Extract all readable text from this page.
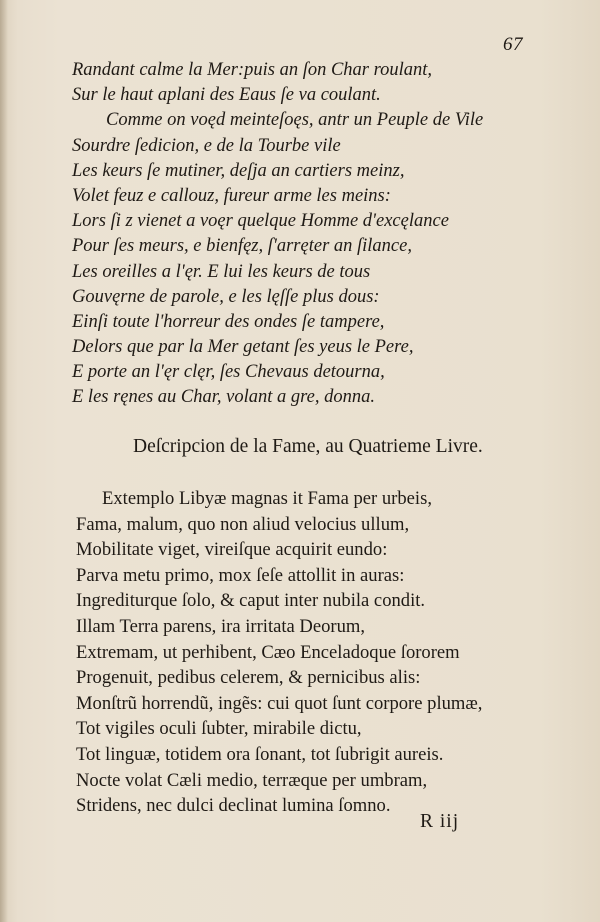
67
Randant calme la Mer:puis an ſon Char roulant,
Sur le haut aplani des Eaus ſe va coulant.
Comme on voęd meinteſoęs, antr un Peuple de Vile
Sourdre ſedicion, e de la Tourbe vile
Les keurs ſe mutiner, deſja an cartiers meinz,
Volet feuz e callouz, fureur arme les meins:
Lors ſi z vienet a voęr quelque Homme d'excęlance
Pour ſes meurs, e bienfęz, ſ'arręter an ſilance,
Les oreilles a l'ęr. E lui les keurs de tous
Gouvęrne de parole, e les lęſſe plus dous:
Einſi toute l'horreur des ondes ſe tampere,
Delors que par la Mer getant ſes yeus le Pere,
E porte an l'ęr clęr, ſes Chevaus detourna,
E les ręnes au Char, volant a gre, donna.
Deſcripcion de la Fame, au Quatrieme Livre.
Extemplo Libyæ magnas it Fama per urbeis,
Fama, malum, quo non aliud velocius ullum,
Mobilitate viget, vireiſque acquirit eundo:
Parva metu primo, mox ſeſe attollit in auras:
Ingrediturque ſolo, & caput inter nubila condit.
Illam Terra parens, ira irritata Deorum,
Extremam, ut perhibent, Cæo Enceladoque ſororem
Progenuit, pedibus celerem, & pernicibus alis:
Monſtrũ horrendũ, ingẽs: cui quot ſunt corpore plumæ,
Tot vigiles oculi ſubter, mirabile dictu,
Tot linguæ, totidem ora ſonant, tot ſubrigit aureis.
Nocte volat Cæli medio, terræque per umbram,
Stridens, nec dulci declinat lumina ſomno.
R iij
